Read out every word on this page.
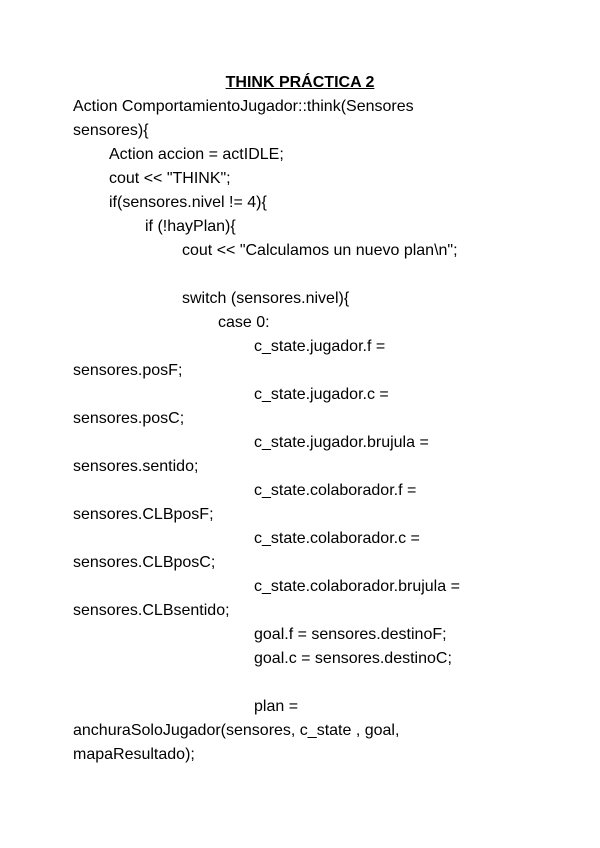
THINK PRÁCTICA 2
Action ComportamientoJugador::think(Sensores
sensores){
Action accion = actIDLE;
cout << "THINK";
if(sensores.nivel != 4){
if (!hayPlan){
cout << "Calculamos un nuevo plan\n";
switch (sensores.nivel){
case 0:
c_state.jugador.f =
sensores.posF;
c_state.jugador.c =
sensores.posC;
c_state.jugador.brujula =
sensores.sentido;
c_state.colaborador.f =
sensores.CLBposF;
c_state.colaborador.c =
sensores.CLBposC;
c_state.colaborador.brujula =
sensores.CLBsentido;
goal.f = sensores.destinoF;
goal.c = sensores.destinoC;
plan =
anchuraSoloJugador(sensores, c_state , goal,
mapaResultado);
